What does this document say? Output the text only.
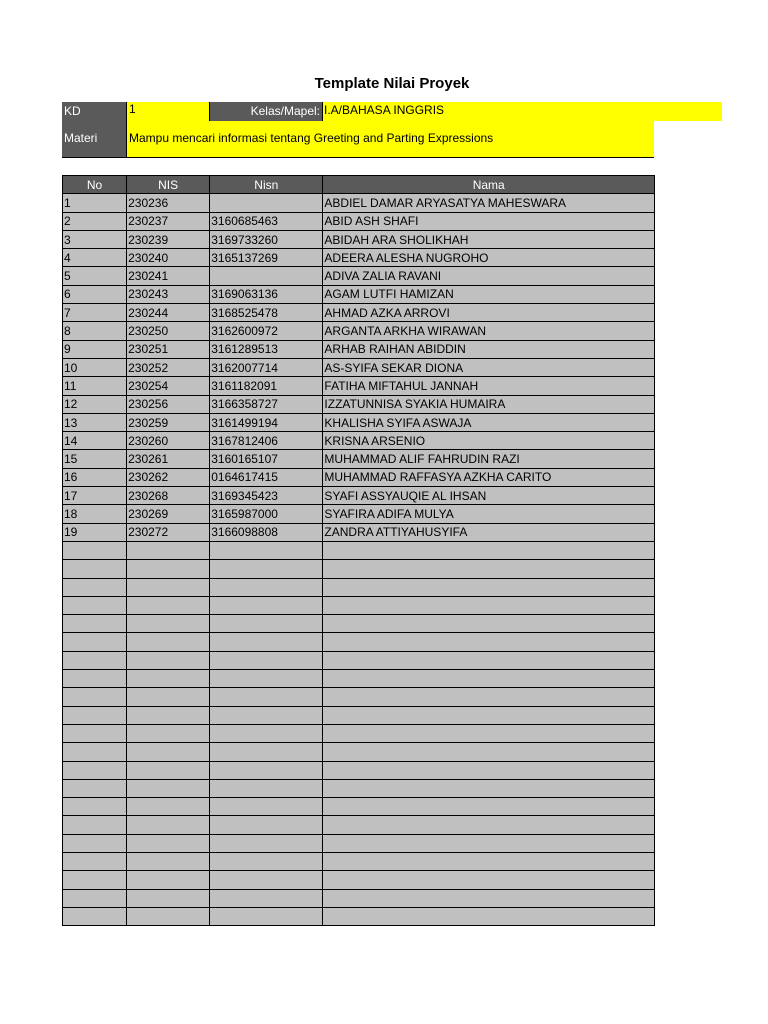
Template Nilai Proyek
KD	1	Kelas/Mapel: I.A/BAHASA INGGRIS
Materi	Mampu mencari informasi tentang Greeting and Parting Expressions
No	NIS	Nisn	Nama
1	230236		ABDIEL DAMAR ARYASATYA MAHESWARA
2	230237	3160685463	ABID ASH SHAFI
3	230239	3169733260	ABIDAH ARA SHOLIKHAH
4	230240	3165137269	ADEERA ALESHA NUGROHO
5	230241		ADIVA ZALIA RAVANI
6	230243	3169063136	AGAM LUTFI HAMIZAN
7	230244	3168525478	AHMAD AZKA ARROVI
8	230250	3162600972	ARGANTA ARKHA WIRAWAN
9	230251	3161289513	ARHAB RAIHAN ABIDDIN
10	230252	3162007714	AS-SYIFA SEKAR DIONA
11	230254	3161182091	FATIHA MIFTAHUL JANNAH
12	230256	3166358727	IZZATUNNISA SYAKIA HUMAIRA
13	230259	3161499194	KHALISHA SYIFA ASWAJA
14	230260	3167812406	KRISNA ARSENIO
15	230261	3160165107	MUHAMMAD ALIF FAHRUDIN RAZI
16	230262	0164617415	MUHAMMAD RAFFASYA AZKHA CARITO
17	230268	3169345423	SYAFI ASSYAUQIE AL IHSAN
18	230269	3165987000	SYAFIRA ADIFA MULYA
19	230272	3166098808	ZANDRA ATTIYAHUSYIFA
